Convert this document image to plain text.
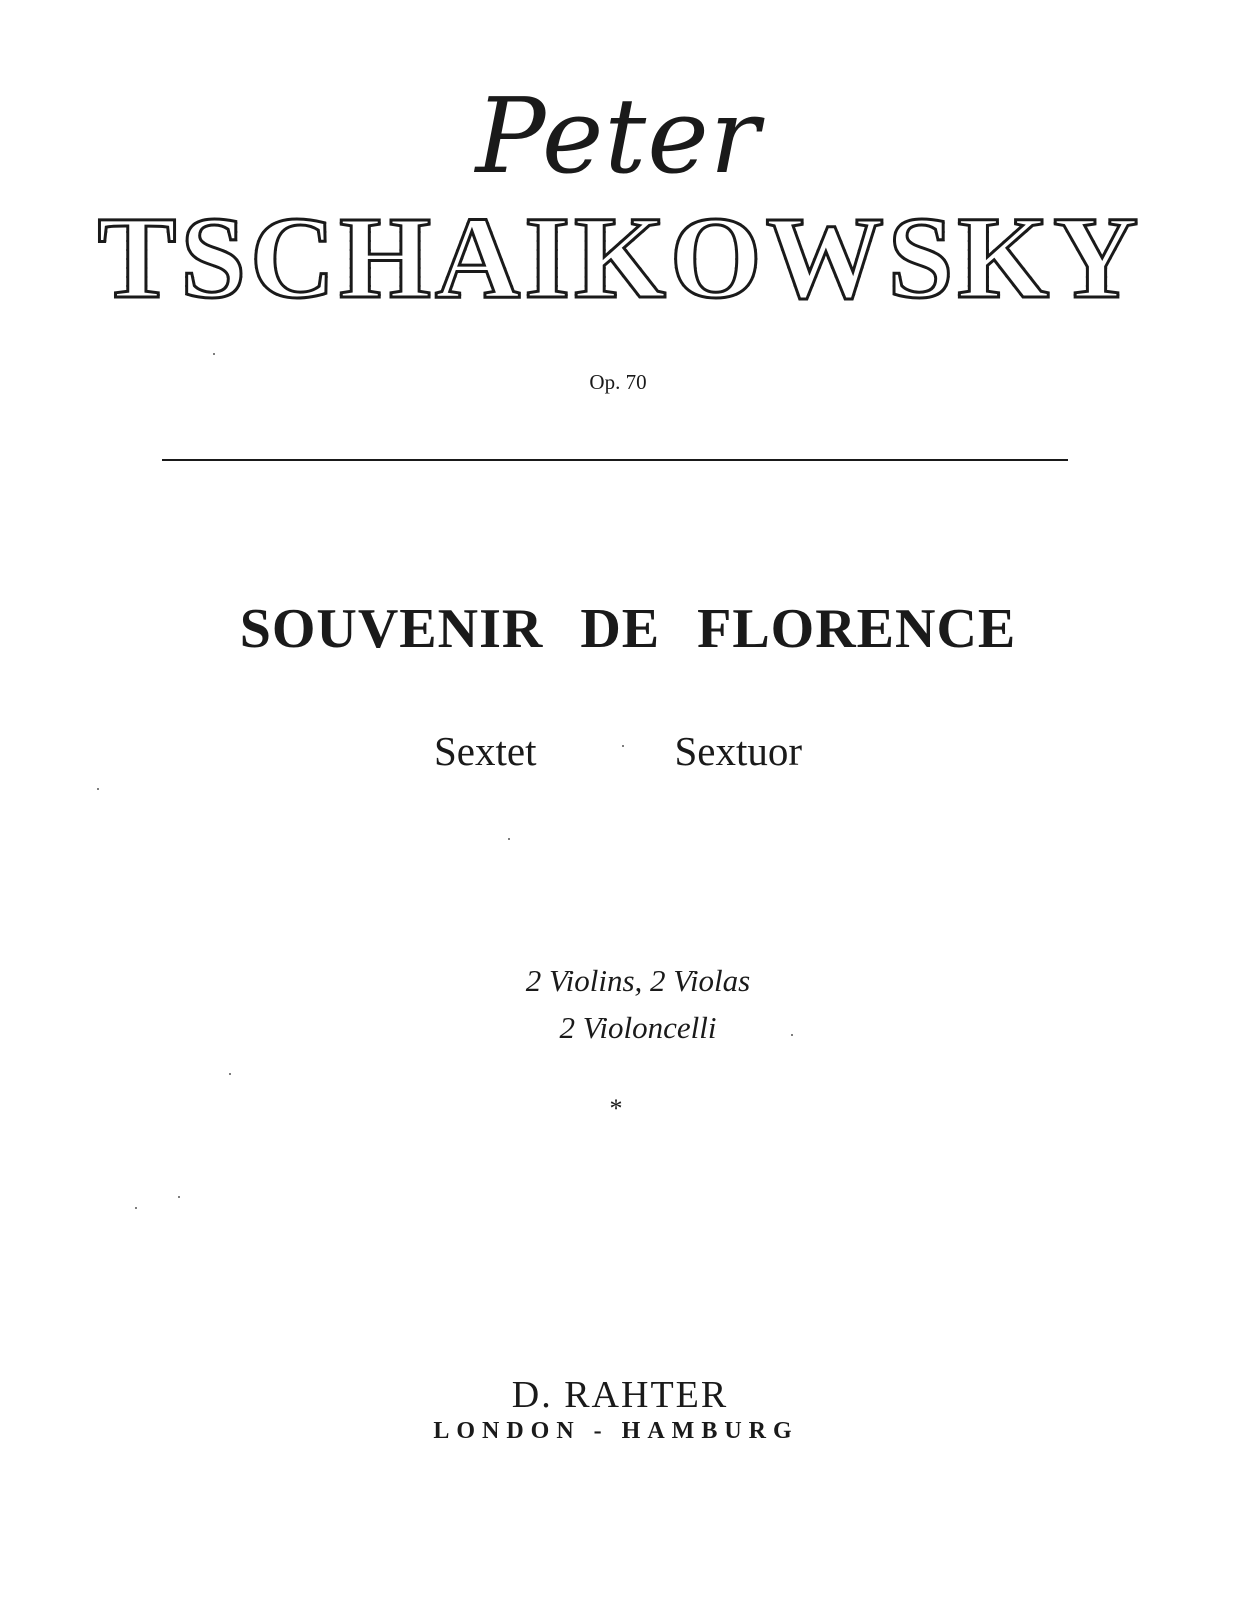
Peter
T S C H A I K O W S K Y
Op. 70
SOUVENIR DE FLORENCE
Sextet	Sextuor
2 Violins, 2 Violas
2 Violoncelli
*
D. RAHTER
LONDON - HAMBURG
